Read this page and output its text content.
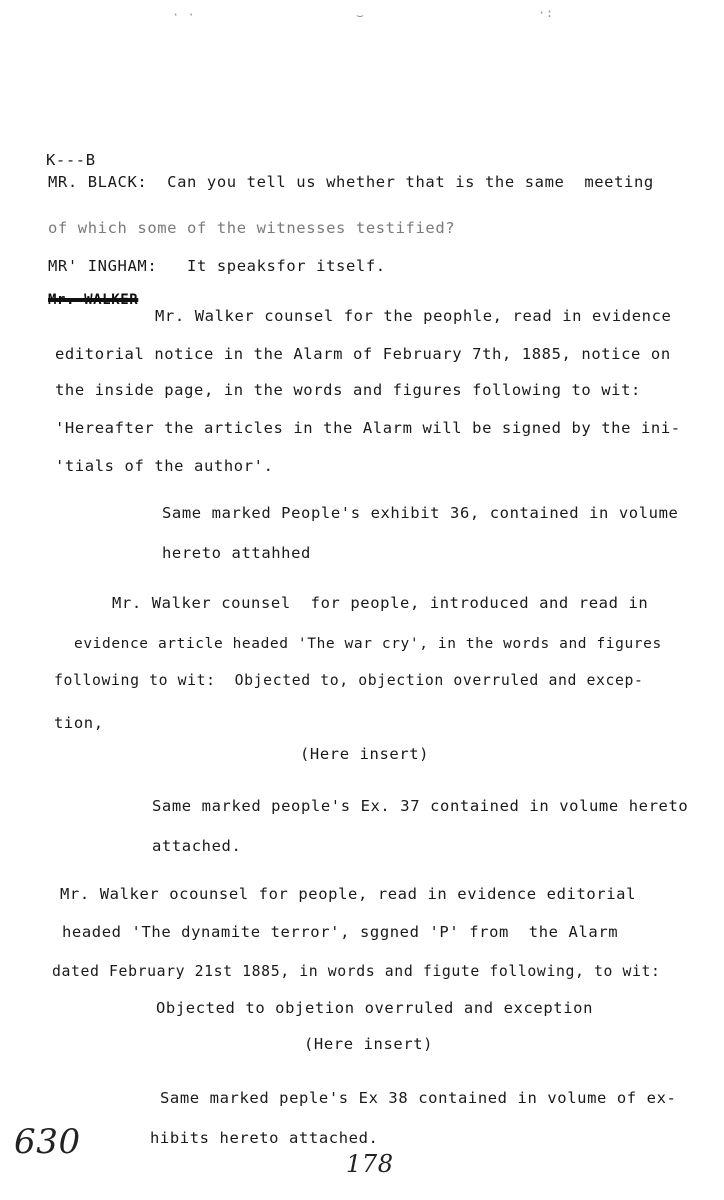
· ·	⌣	·:
K---B
MR. BLACK:  Can you tell us whether that is the same  meeting
of which some of the witnesses testified?
MR' INGHAM:   It speaksfor itself.
Mr. WALKER
Mr. Walker counsel for the peophle, read in evidence
editorial notice in the Alarm of February 7th, 1885, notice on
the inside page, in the words and figures following to wit:
'Hereafter the articles in the Alarm will be signed by the ini-
'tials of the author'.
Same marked People's exhibit 36, contained in volume
hereto attahhed
Mr. Walker counsel  for people, introduced and read in
evidence article headed 'The war cry', in the words and figures
following to wit:  Objected to, objection overruled and excep-
tion,
(Here insert)
Same marked people's Ex. 37 contained in volume hereto
attached.
Mr. Walker ocounsel for people, read in evidence editorial
headed 'The dynamite terror', sggned 'P' from  the Alarm
dated February 21st 1885, in words and figute following, to wit:
Objected to objetion overruled and exception
(Here insert)
Same marked peple's Ex 38 contained in volume of ex-
hibits hereto attached.
630
178
